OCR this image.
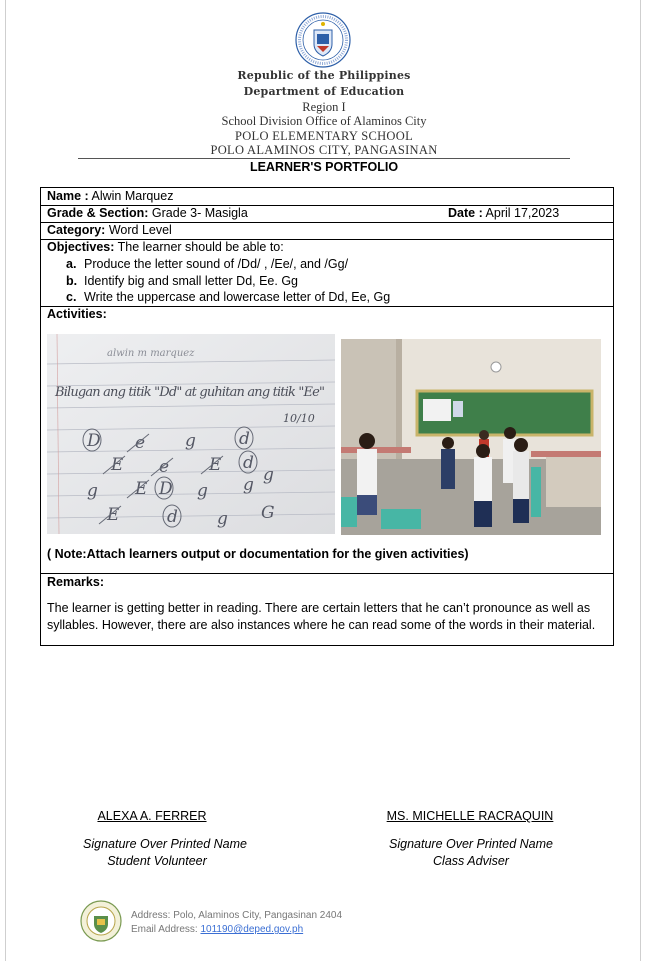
Republic of the Philippines
Department of Education
Region I
School Division Office of Alaminos City
POLO ELEMENTARY SCHOOL
POLO ALAMINOS CITY, PANGASINAN
LEARNER'S PORTFOLIO
Name : Alwin Marquez
Grade & Section: Grade 3- Masigla	Date : April 17,2023
Category: Word Level
Objectives: The learner should be able to:
a. Produce the letter sound of /Dd/ , /Ee/, and /Gg/
b. Identify big and small letter Dd, Ee. Gg
c. Write the uppercase and lowercase letter of Dd, Ee, Gg
Activities:
alwin m marquez
Bilugan ang titik "Dd" at guhitan ang titik "Ee"
10/10
D e g	d
E e E d
g
g E D g g
E	d g G
( Note:Attach learners output or documentation for the given activities)
Remarks:
The learner is getting better in reading. There are certain letters that he can’t pronounce as well as syllables. However, there are also instances where he can read some of the words in their material.
ALEXA A. FERRER
Signature Over Printed Name
Student Volunteer
MS. MICHELLE RACRAQUIN
Signature Over Printed Name
Class Adviser
Address: Polo, Alaminos City, Pangasinan 2404
Email Address: 101190@deped.gov.ph
